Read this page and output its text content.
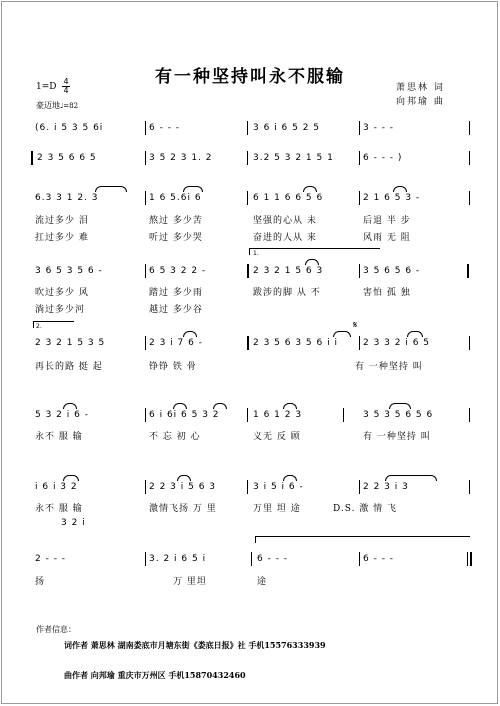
有一种坚持叫永不服输
萧思林 词
向邦瑜 曲
1=D
4
4
豪迈地 ♩=82
(6. i 5 3 5 6i	6 - - -	3 6 i 6 5 2 5	3 - - -
2 3 5 6 6 5	3 5 2 3 1. 2	3.2 5 3 2 1 5 1	6 - - - )
6.3 3 1 2. 3	1 6 5.6i 6	6 1 1 6 6 5 6	2 1 6 5 3 -
流过多少 泪	熬过 多少苦	坚强的心从 未	后退 半 步
扛过多少 难	听过 多少哭	奋进的人从 来	风雨 无 阻
1.
3 6 5 3 5 6 -	6 5 3 2 2 -	2 3 2 1 5 6 3	3 5 6 5 6 -
吹过多少 风	踏过 多少雨	跋涉的脚 从 不	害怕 孤 独
淌过多少河	越过 多少谷
2.	𝄋
2 3 2 1 5 3 5	2 3 i 7 6 -	2 3 5 6 3 5 6 i i	2 3 3 2 i 6 5
再长的路 挺 起	铮铮 铁 骨	有 一种坚持 叫
5 3 2 i 6 -	6 i 6i 6 5 3 2	1 6 1 2 3	3 5 3 5 6 5 6
永不 服 输	不 忘 初 心	义无 反 顾	有 一种坚持 叫
i 6 i 3 2	2 2 3 i 5 6 3	3 i 5 i 6 -	2 2 3 i 3
永不 服 输	激情飞扬 万 里	万里 坦 途	D.S. 激 情 飞
3 2 i
2 - - -	3. 2 i 6 5 i	6 - - -	6 - - -
扬	万 里坦	途
作者信息：
词作者 萧思林 湖南娄底市月塘东街《娄底日报》社 手机15576333939
曲作者 向邦瑜 重庆市万州区 手机15870432460
